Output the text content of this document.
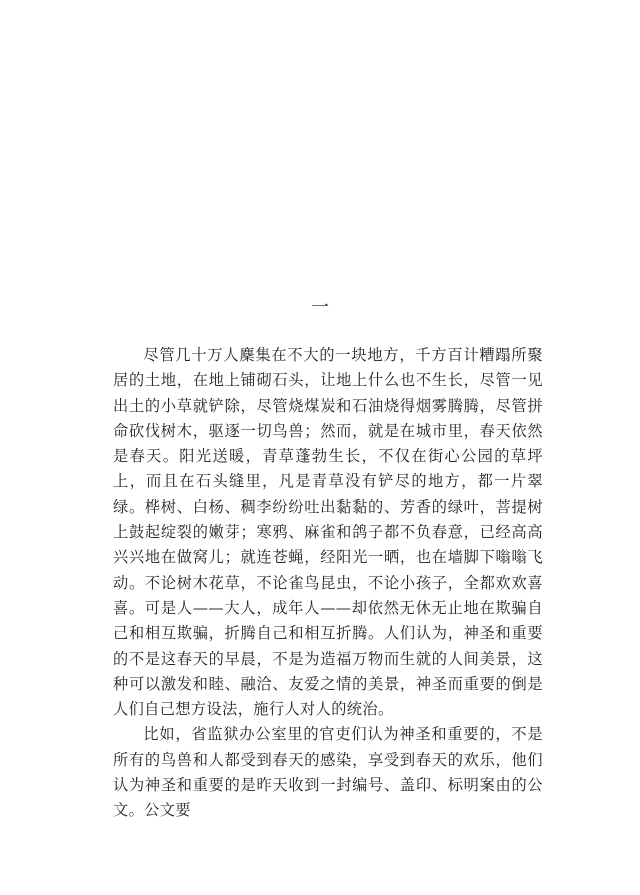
一

尽管几十万人麇集在不大的一块地方，千方百计糟蹋所聚居的土地，在地上铺砌石头，让地上什么也不生长，尽管一见出土的小草就铲除，尽管烧煤炭和石油烧得烟雾腾腾，尽管拼命砍伐树木，驱逐一切鸟兽；然而，就是在城市里，春天依然是春天。阳光送暖，青草蓬勃生长，不仅在街心公园的草坪上，而且在石头缝里，凡是青草没有铲尽的地方，都一片翠绿。桦树、白杨、稠李纷纷吐出黏黏的、芳香的绿叶，菩提树上鼓起绽裂的嫩芽；寒鸦、麻雀和鸽子都不负春意，已经高高兴兴地在做窝儿；就连苍蝇，经阳光一晒，也在墙脚下嗡嗡飞动。不论树木花草，不论雀鸟昆虫，不论小孩子，全都欢欢喜喜。可是人——大人，成年人——却依然无休无止地在欺骗自己和相互欺骗，折腾自己和相互折腾。人们认为，神圣和重要的不是这春天的早晨，不是为造福万物而生就的人间美景，这种可以激发和睦、融洽、友爱之情的美景，神圣而重要的倒是人们自己想方设法，施行人对人的统治。

比如，省监狱办公室里的官吏们认为神圣和重要的，不是所有的鸟兽和人都受到春天的感染，享受到春天的欢乐，他们认为神圣和重要的是昨天收到一封编号、盖印、标明案由的公文。公文要
